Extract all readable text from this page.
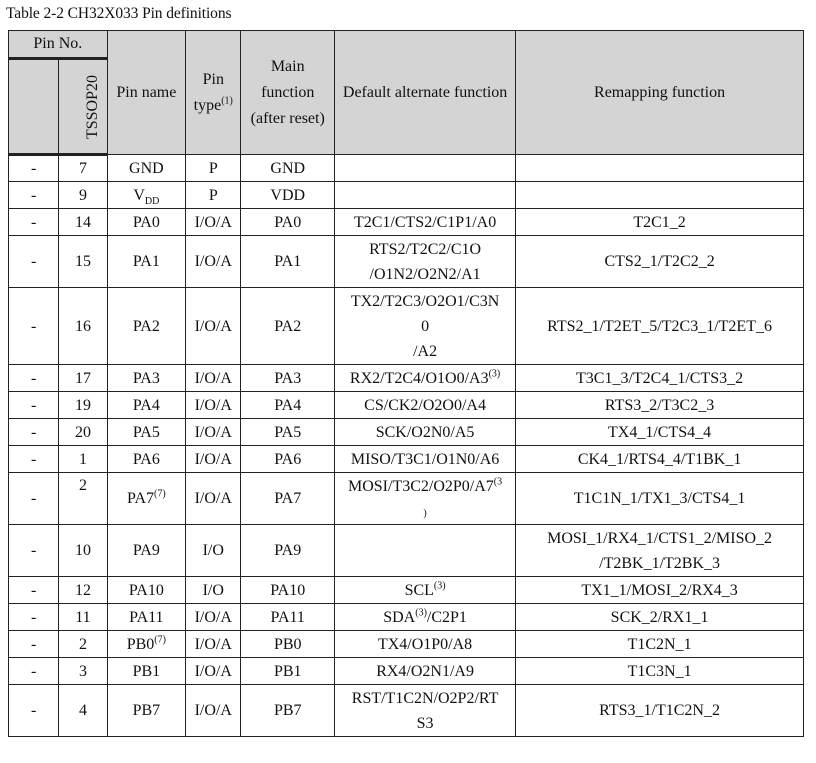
Table 2-2 CH32X033 Pin definitions
Pin No.		Pin name	Pin type$^{(1)}$	Main function (after reset)	Default alternate function	Remapping function
	TSSOP20					
-	7	GND	P	GND		
-	9	$V_{DD}$	P	VDD		
-	14	PA0	I/O/A	PA0	T2C1/CTS2/C1P1/A0	T2C1_2
-	15	PA1	I/O/A	PA1	RTS2/T2C2/C1O
/O1N2/O2N2/A1	CTS2_1/T2C2_2
-	16	PA2	I/O/A	PA2	TX2/T2C3/O2O1/C3N
0
/A2	RTS2_1/T2ET_5/T2C3_1/T2ET_6
-	17	PA3	I/O/A	PA3	RX2/T2C4/O1O0/A3$^{(3)}$	T3C1_3/T2C4_1/CTS3_2
-	19	PA4	I/O/A	PA4	CS/CK2/O2O0/A4	RTS3_2/T3C2_3
-	20	PA5	I/O/A	PA5	SCK/O2N0/A5	TX4_1/CTS4_4
-	1	PA6	I/O/A	PA6	MISO/T3C1/O1N0/A6	CK4_1/RTS4_4/T1BK_1
-	2	PA7$^{(7)}$	I/O/A	PA7	MOSI/T3C2/O2P0/A7$^{(3}$
)	T1C1N_1/TX1_3/CTS4_1
-	10	PA9	I/O	PA9		MOSI_1/RX4_1/CTS1_2/MISO_2
/T2BK_1/T2BK_3
-	12	PA10	I/O	PA10	SCL$^{(3)}$	TX1_1/MOSI_2/RX4_3
-	11	PA11	I/O/A	PA11	SDA$^{(3)}$/C2P1	SCK_2/RX1_1
-	2	PB0$^{(7)}$	I/O/A	PB0	TX4/O1P0/A8	T1C2N_1
-	3	PB1	I/O/A	PB1	RX4/O2N1/A9	T1C3N_1
-	4	PB7	I/O/A	PB7	RST/T1C2N/O2P2/RT
S3	RTS3_1/T1C2N_2
